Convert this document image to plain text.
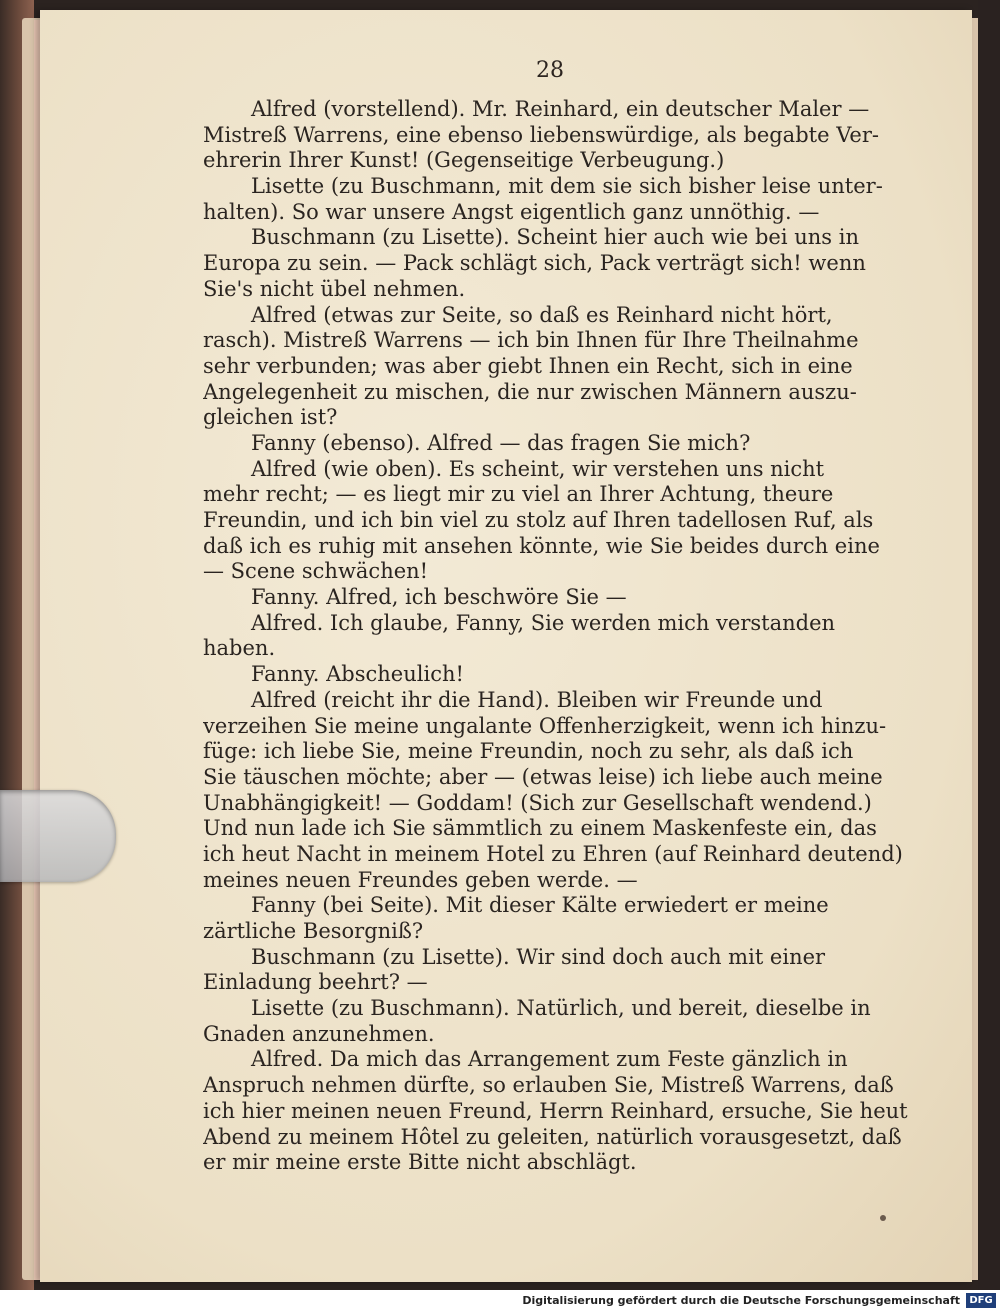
28
Alfred (vorstellend). Mr. Reinhard, ein deutscher Maler —
Mistreß Warrens, eine ebenso liebenswürdige, als begabte Ver-
ehrerin Ihrer Kunst! (Gegenseitige Verbeugung.)
Lisette (zu Buschmann, mit dem sie sich bisher leise unter-
halten). So war unsere Angst eigentlich ganz unnöthig. —
Buschmann (zu Lisette). Scheint hier auch wie bei uns in
Europa zu sein. — Pack schlägt sich, Pack verträgt sich! wenn
Sie's nicht übel nehmen.
Alfred (etwas zur Seite, so daß es Reinhard nicht hört,
rasch). Mistreß Warrens — ich bin Ihnen für Ihre Theilnahme
sehr verbunden; was aber giebt Ihnen ein Recht, sich in eine
Angelegenheit zu mischen, die nur zwischen Männern auszu-
gleichen ist?
Fanny (ebenso). Alfred — das fragen Sie mich?
Alfred (wie oben). Es scheint, wir verstehen uns nicht
mehr recht; — es liegt mir zu viel an Ihrer Achtung, theure
Freundin, und ich bin viel zu stolz auf Ihren tadellosen Ruf, als
daß ich es ruhig mit ansehen könnte, wie Sie beides durch eine
— Scene schwächen!
Fanny. Alfred, ich beschwöre Sie —
Alfred. Ich glaube, Fanny, Sie werden mich verstanden
haben.
Fanny. Abscheulich!
Alfred (reicht ihr die Hand). Bleiben wir Freunde und
verzeihen Sie meine ungalante Offenherzigkeit, wenn ich hinzu-
füge: ich liebe Sie, meine Freundin, noch zu sehr, als daß ich
Sie täuschen möchte; aber — (etwas leise) ich liebe auch meine
Unabhängigkeit! — Goddam! (Sich zur Gesellschaft wendend.)
Und nun lade ich Sie sämmtlich zu einem Maskenfeste ein, das
ich heut Nacht in meinem Hotel zu Ehren (auf Reinhard deutend)
meines neuen Freundes geben werde. —
Fanny (bei Seite). Mit dieser Kälte erwiedert er meine
zärtliche Besorgniß?
Buschmann (zu Lisette). Wir sind doch auch mit einer
Einladung beehrt? —
Lisette (zu Buschmann). Natürlich, und bereit, dieselbe in
Gnaden anzunehmen.
Alfred. Da mich das Arrangement zum Feste gänzlich in
Anspruch nehmen dürfte, so erlauben Sie, Mistreß Warrens, daß
ich hier meinen neuen Freund, Herrn Reinhard, ersuche, Sie heut
Abend zu meinem Hôtel zu geleiten, natürlich vorausgesetzt, daß
er mir meine erste Bitte nicht abschlägt.
Digitalisierung gefördert durch die Deutsche Forschungsgemeinschaft DFG
